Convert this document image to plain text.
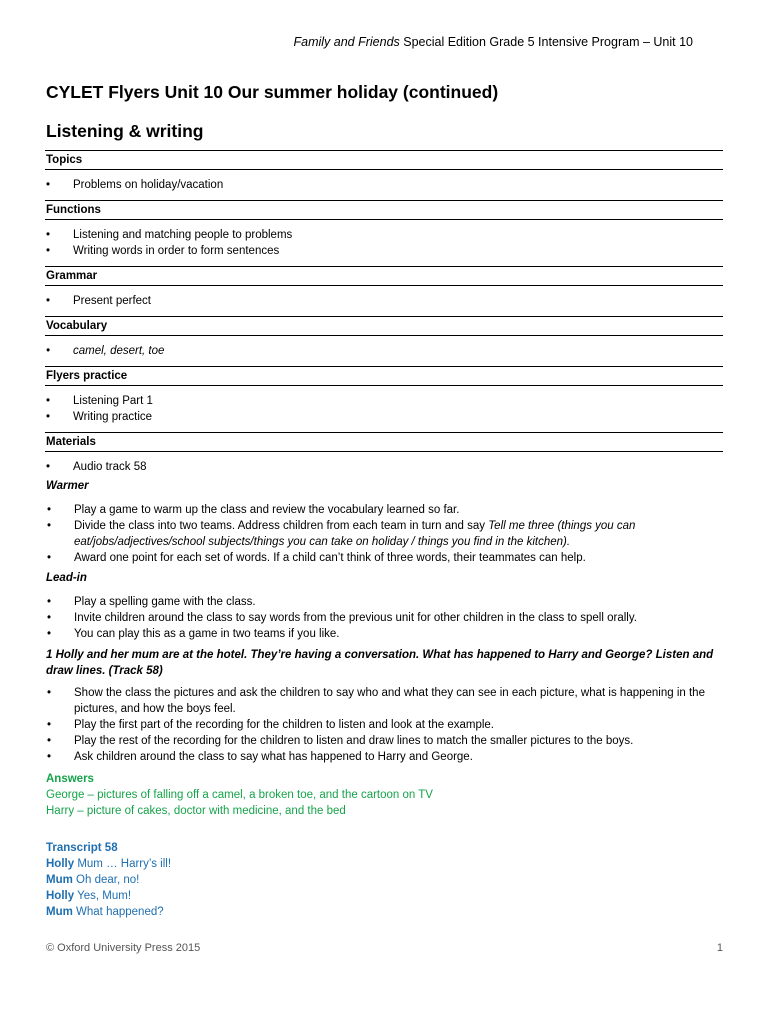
Family and Friends Special Edition Grade 5 Intensive Program – Unit 10
CYLET Flyers Unit 10 Our summer holiday (continued)
Listening & writing
Topics
• Problems on holiday/vacation
Functions
• Listening and matching people to problems
• Writing words in order to form sentences
Grammar
• Present perfect
Vocabulary
• camel, desert, toe
Flyers practice
• Listening Part 1
• Writing practice
Materials
• Audio track 58
Warmer
• Play a game to warm up the class and review the vocabulary learned so far.
• Divide the class into two teams. Address children from each team in turn and say Tell me three (things you can eat/jobs/adjectives/school subjects/things you can take on holiday / things you find in the kitchen).
• Award one point for each set of words. If a child can’t think of three words, their teammates can help.
Lead-in
• Play a spelling game with the class.
• Invite children around the class to say words from the previous unit for other children in the class to spell orally.
• You can play this as a game in two teams if you like.
1 Holly and her mum are at the hotel. They’re having a conversation. What has happened to Harry and George? Listen and draw lines. (Track 58)
• Show the class the pictures and ask the children to say who and what they can see in each picture, what is happening in the pictures, and how the boys feel.
• Play the first part of the recording for the children to listen and look at the example.
• Play the rest of the recording for the children to listen and draw lines to match the smaller pictures to the boys.
• Ask children around the class to say what has happened to Harry and George.
Answers
George – pictures of falling off a camel, a broken toe, and the cartoon on TV
Harry – picture of cakes, doctor with medicine, and the bed
Transcript 58
Holly Mum … Harry’s ill!
Mum Oh dear, no!
Holly Yes, Mum!
Mum What happened?
© Oxford University Press 2015	1
